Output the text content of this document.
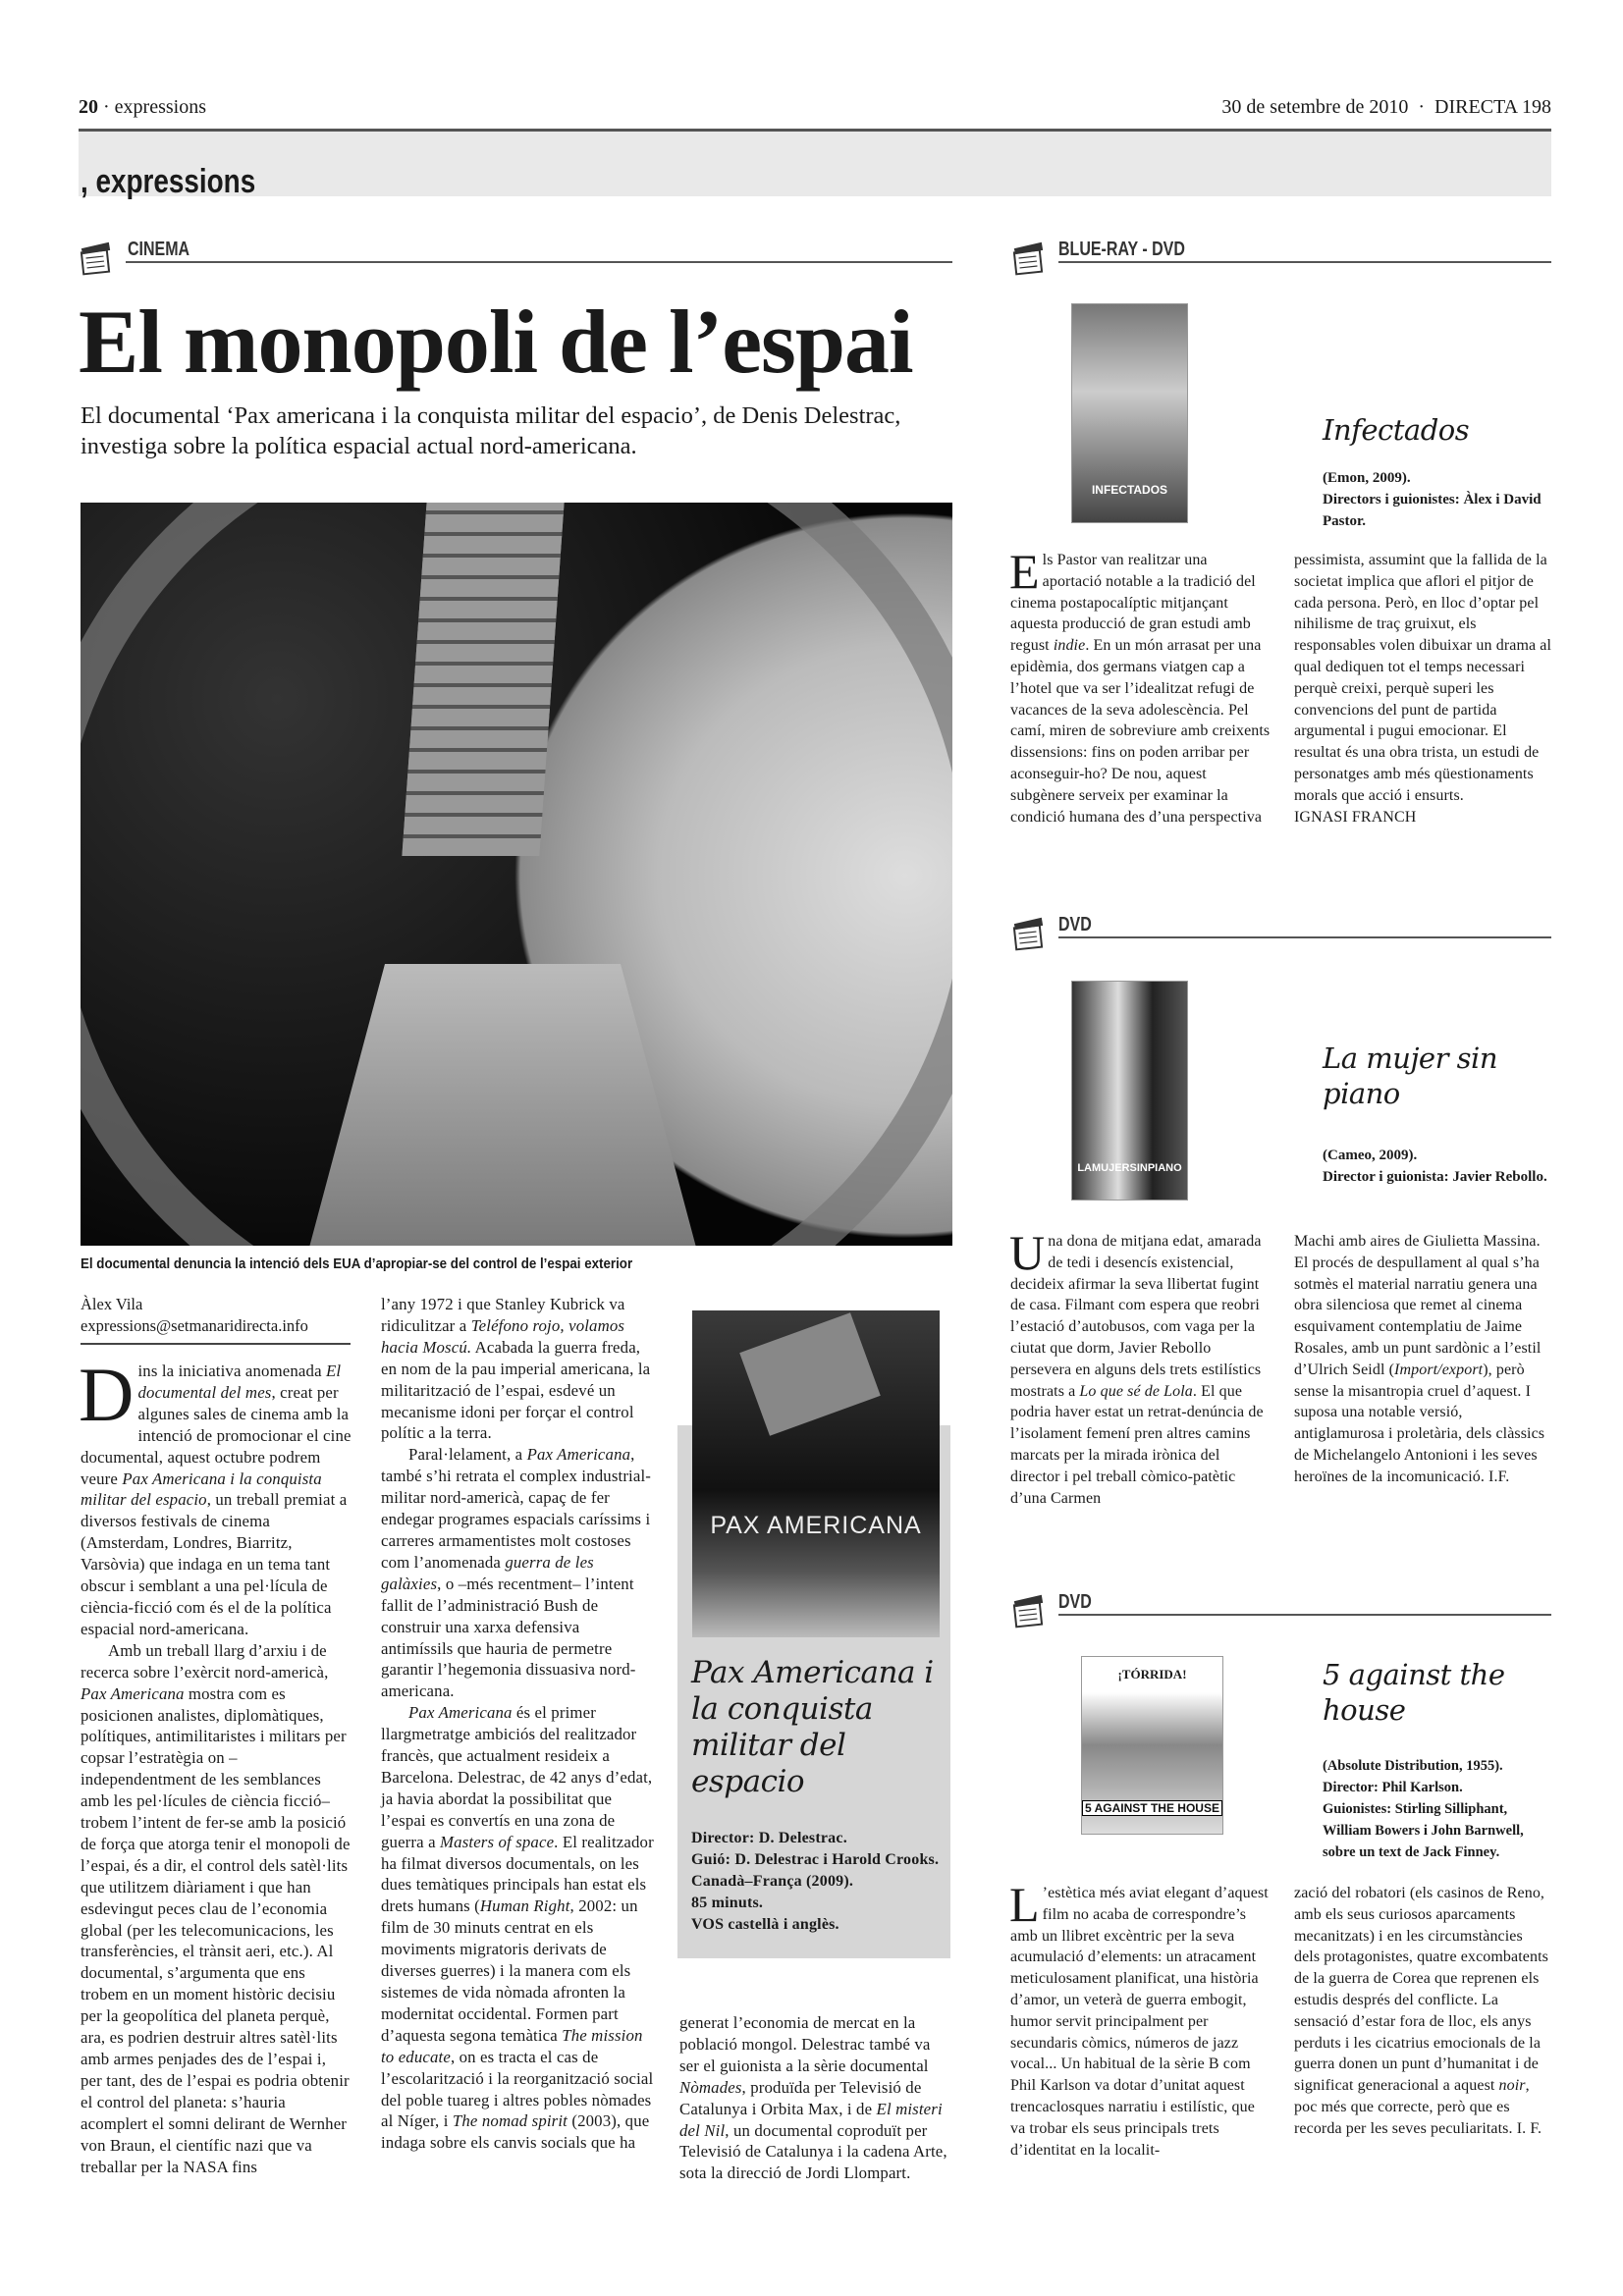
20 · expressions	30 de setembre de 2010 · DIRECTA 198
, expressions
CINEMA
El monopoli de l’espai

El documental ‘Pax americana i la conquista militar del espacio’, de Denis Delestrac, investiga sobre la política espacial actual nord-americana.

El documental denuncia la intenció dels EUA d’apropiar-se del control de l’espai exterior
Àlex Vila
expressions@setmanaridirecta.info
D ins la iniciativa anomenada El documental del mes, creat per algunes sales de cinema amb la intenció de promocionar el cine documental, aquest octubre podrem veure Pax Americana i la conquista militar del espacio, un treball premiat a diversos festivals de cinema (Amsterdam, Londres, Biarritz, Varsòvia) que indaga en un tema tant obscur i semblant a una pel·lícula de ciència-ficció com és el de la política espacial nord-americana.

Amb un treball llarg d’arxiu i de recerca sobre l’exèrcit nord-americà, Pax Americana mostra com es posicionen analistes, diplomàtiques, polítiques, antimilitaristes i militars per copsar l’estratègia on –independentment de les semblances amb les pel·lícules de ciència ficció– trobem l’intent de fer-se amb la posició de força que atorga tenir el monopoli de l’espai, és a dir, el control dels satèl·lits que utilitzem diàriament i que han esdevingut peces clau de l’economia global (per les telecomunicacions, les transferències, el trànsit aeri, etc.). Al documental, s’argumenta que ens trobem en un moment històric decisiu per la geopolítica del planeta perquè, ara, es podrien destruir altres satèl·lits amb armes penjades des de l’espai i, per tant, des de l’espai es podria obtenir el control del planeta: s’hauria acomplert el somni delirant de Wernher von Braun, el científic nazi que va treballar per la NASA fins

l’any 1972 i que Stanley Kubrick va ridiculitzar a Teléfono rojo, volamos hacia Moscú. Acabada la guerra freda, en nom de la pau imperial americana, la militarització de l’espai, esdevé un mecanisme idoni per forçar el control polític a la terra.

Paral·lelament, a Pax Americana, també s’hi retrata el complex industrial-militar nord-americà, capaç de fer endegar programes espacials caríssims i carreres armamentistes molt costoses com l’anomenada guerra de les galàxies, o –més recentment– l’intent fallit de l’administració Bush de construir una xarxa defensiva antimíssils que hauria de permetre garantir l’hegemonia dissuasiva nord-americana.

Pax Americana és el primer llargmetratge ambiciós del realitzador francès, que actualment resideix a Barcelona. Delestrac, de 42 anys d’edat, ja havia abordat la possibilitat que l’espai es convertís en una zona de guerra a Masters of space. El realitzador ha filmat diversos documentals, on les dues temàtiques principals han estat els drets humans (Human Right, 2002: un film de 30 minuts centrat en els moviments migratoris derivats de diverses guerres) i la manera com els sistemes de vida nòmada afronten la modernitat occidental. Formen part d’aquesta segona temàtica The mission to educate, on es tracta el cas de l’escolarització i la reorganització social del poble tuareg i altres pobles nòmades al Níger, i The nomad spirit (2003), que indaga sobre els canvis socials que ha

generat l’economia de mercat en la població mongol. Delestrac també va ser el guionista a la sèrie documental Nòmades, produïda per Televisió de Catalunya i Orbita Max, i de El misteri del Nil, un documental coproduït per Televisió de Catalunya i la cadena Arte, sota la direcció de Jordi Llompart.

PAX AMERICANA
Pax Americana i la conquista militar del espacio
Director: D. Delestrac.
Guió: D. Delestrac i Harold Crooks.
Canadà–França (2009).
85 minuts.
VOS castellà i anglès.
BLUE-RAY - DVD
INFECTADOS
Infectados
(Emon, 2009).
Directors i guionistes: Àlex i David Pastor.
E ls Pastor van realitzar una aportació notable a la tradició del cinema postapocalíptic mitjançant aquesta producció de gran estudi amb regust indie. En un món arrasat per una epidèmia, dos germans viatgen cap a l’hotel que va ser l’idealitzat refugi de vacances de la seva adolescència. Pel camí, miren de sobreviure amb creixents dissensions: fins on poden arribar per aconseguir-ho? De nou, aquest subgènere serveix per examinar la condició humana des d’una perspectiva

pessimista, assumint que la fallida de la societat implica que aflori el pitjor de cada persona. Però, en lloc d’optar pel nihilisme de traç gruixut, els responsables volen dibuixar un drama al qual dediquen tot el temps necessari perquè creixi, perquè superi les convencions del punt de partida argumental i pugui emocionar. El resultat és una obra trista, un estudi de personatges amb més qüestionaments morals que acció i ensurts.

IGNASI FRANCH
DVD
LAMUJERSINPIANO
La mujer sin piano
(Cameo, 2009).
Director i guionista: Javier Rebollo.
U na dona de mitjana edat, amarada de tedi i desencís existencial, decideix afirmar la seva llibertat fugint de casa. Filmant com espera que reobri l’estació d’autobusos, com vaga per la ciutat que dorm, Javier Rebollo persevera en alguns dels trets estilístics mostrats a Lo que sé de Lola. El que podria haver estat un retrat-denúncia de l’isolament femení pren altres camins marcats per la mirada irònica del director i pel treball còmico-patètic d’una Carmen

Machi amb aires de Giulietta Massina. El procés de despullament al qual s’ha sotmès el material narratiu genera una obra silenciosa que remet al cinema esquivament contemplatiu de Jaime Rosales, amb un punt sardònic a l’estil d’Ulrich Seidl (Import/export), però sense la misantropia cruel d’aquest. I suposa una notable versió, antiglamurosa i proletària, dels clàssics de Michelangelo Antonioni i les seves heroïnes de la incomunicació. I.F.

DVD
¡TÓRRIDA!
5 AGAINST THE HOUSE
5 against the house
(Absolute Distribution, 1955).
Director: Phil Karlson.
Guionistes: Stirling Silliphant, William Bowers i John Barnwell, sobre un text de Jack Finney.
L ’estètica més aviat elegant d’aquest film no acaba de correspondre’s amb un llibret excèntric per la seva acumulació d’elements: un atracament meticulosament planificat, una història d’amor, un veterà de guerra embogit, humor servit principalment per secundaris còmics, números de jazz vocal... Un habitual de la sèrie B com Phil Karlson va dotar d’unitat aquest trencaclosques narratiu i estilístic, que va trobar els seus principals trets d’identitat en la localit-

zació del robatori (els casinos de Reno, amb els seus curiosos aparcaments mecanitzats) i en les circumstàncies dels protagonistes, quatre excombatents de la guerra de Corea que reprenen els estudis després del conflicte. La sensació d’estar fora de lloc, els anys perduts i les cicatrius emocionals de la guerra donen un punt d’humanitat i de significat generacional a aquest noir, poc més que correcte, però que es recorda per les seves peculiaritats. I. F.
